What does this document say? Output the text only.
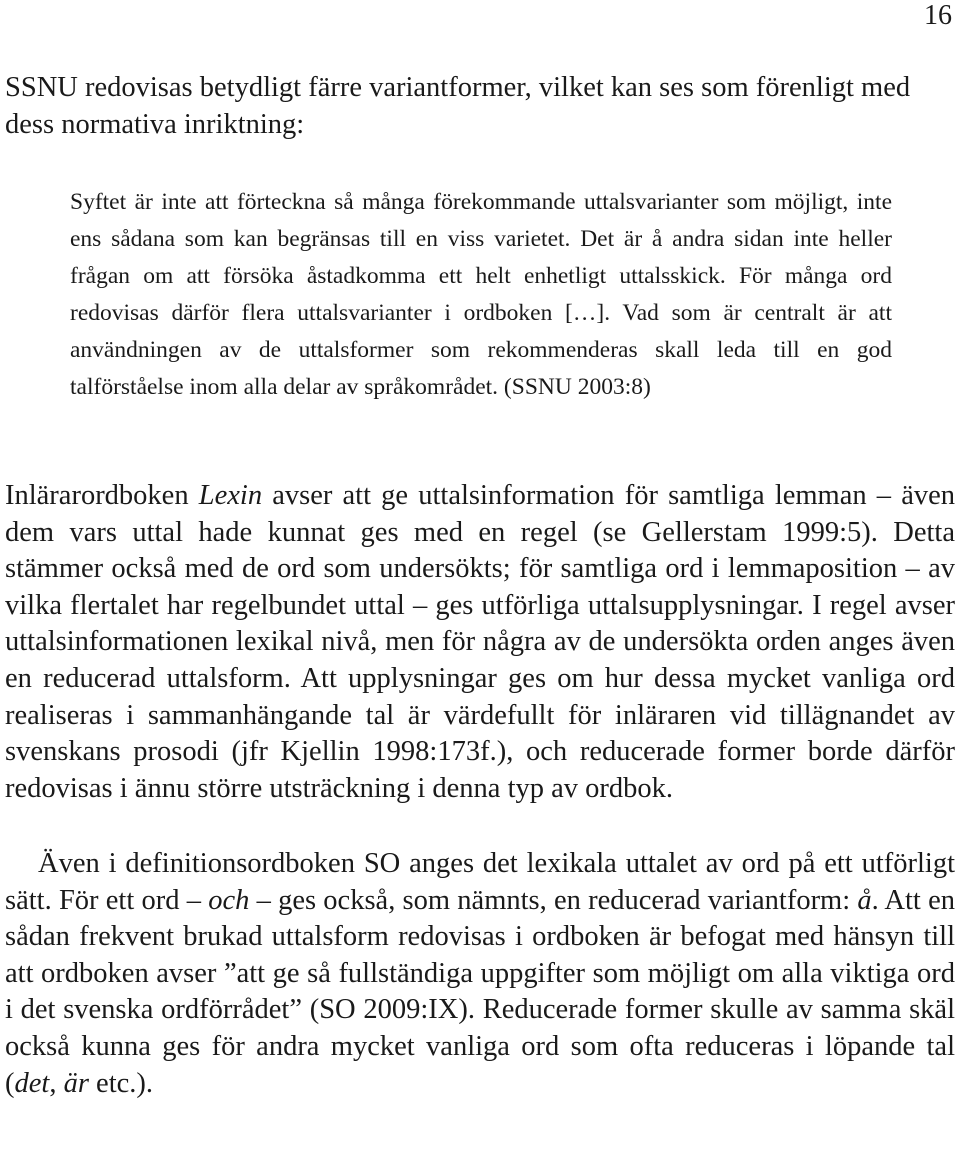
16

SSNU redovisas betydligt färre variantformer, vilket kan ses som förenligt med dess normativa inriktning:

Syftet är inte att förteckna så många förekommande uttalsvarianter som möjligt, inte ens sådana som kan begränsas till en viss varietet. Det är å andra sidan inte heller frågan om att försöka åstadkomma ett helt enhetligt uttalsskick. För många ord redovisas därför flera uttalsvarianter i ordboken […]. Vad som är centralt är att användningen av de uttalsformer som rekommenderas skall leda till en god talförståelse inom alla delar av språkområdet. (SSNU 2003:8)

Inlärarordboken Lexin avser att ge uttalsinformation för samtliga lemman – även dem vars uttal hade kunnat ges med en regel (se Gellerstam 1999:5). Detta stämmer också med de ord som undersökts; för samtliga ord i lemmaposition – av vilka flertalet har regelbundet uttal – ges utförliga uttalsupplysningar. I regel avser uttalsinformationen lexikal nivå, men för några av de undersökta orden anges även en reducerad uttalsform. Att upplysningar ges om hur dessa mycket vanliga ord realiseras i sammanhängande tal är värdefullt för inläraren vid tillägnandet av svenskans prosodi (jfr Kjellin 1998:173f.), och reducerade former borde därför redovisas i ännu större utsträckning i denna typ av ordbok.

Även i definitionsordboken SO anges det lexikala uttalet av ord på ett utförligt sätt. För ett ord – och – ges också, som nämnts, en reducerad variantform: å. Att en sådan frekvent brukad uttalsform redovisas i ordboken är befogat med hänsyn till att ordboken avser ”att ge så fullständiga uppgifter som möjligt om alla viktiga ord i det svenska ordförrådet” (SO 2009:IX). Reducerade former skulle av samma skäl också kunna ges för andra mycket vanliga ord som ofta reduceras i löpande tal (det, är etc.).
